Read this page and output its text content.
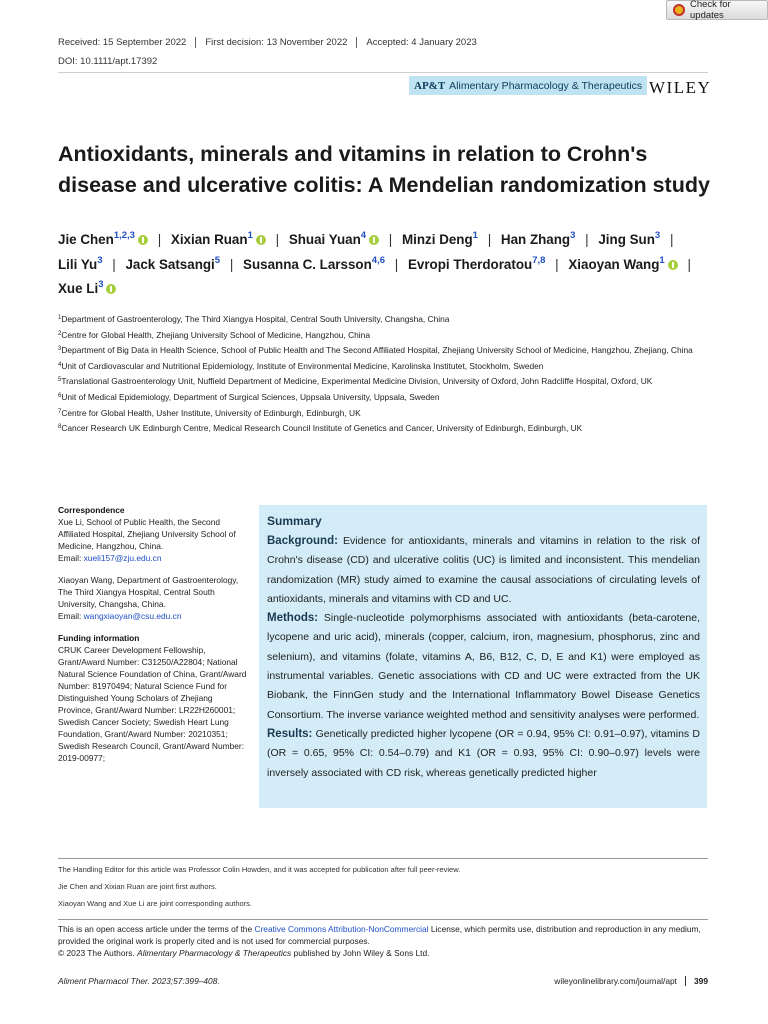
Check for updates
Received: 15 September 2022	First decision: 13 November 2022	Accepted: 4 January 2023
DOI: 10.1111/apt.17392
AP&T Alimentary Pharmacology & Therapeutics WILEY
Antioxidants, minerals and vitamins in relation to Crohn's
disease and ulcerative colitis: A Mendelian randomization study
Jie Chen$^{1,2,3}$ | Xixian Ruan$^1$ | Shuai Yuan$^4$ | Minzi Deng$^1$ | Han Zhang$^3$ | Jing Sun$^3$ | Lili Yu$^3$ | Jack Satsangi$^5$ | Susanna C. Larsson$^{4,6}$ | Evropi Therdoratou$^{7,8}$ | Xiaoyan Wang$^1$ | Xue Li$^3$

$^1$Department of Gastroenterology, The Third Xiangya Hospital, Central South University, Changsha, China

$^2$Centre for Global Health, Zhejiang University School of Medicine, Hangzhou, China

$^3$Department of Big Data in Health Science, School of Public Health and The Second Affiliated Hospital, Zhejiang University School of Medicine, Hangzhou, Zhejiang, China

$^4$Unit of Cardiovascular and Nutritional Epidemiology, Institute of Environmental Medicine, Karolinska Institutet, Stockholm, Sweden

$^5$Translational Gastroenterology Unit, Nuffield Department of Medicine, Experimental Medicine Division, University of Oxford, John Radcliffe Hospital, Oxford, UK

$^6$Unit of Medical Epidemiology, Department of Surgical Sciences, Uppsala University, Uppsala, Sweden

$^7$Centre for Global Health, Usher Institute, University of Edinburgh, Edinburgh, UK

$^8$Cancer Research UK Edinburgh Centre, Medical Research Council Institute of Genetics and Cancer, University of Edinburgh, Edinburgh, UK

Correspondence

Xue Li, School of Public Health, the Second Affiliated Hospital, Zhejiang University School of Medicine, Hangzhou, China.
Email: xueli157@zju.edu.cn

Xiaoyan Wang, Department of Gastroenterology, The Third Xiangya Hospital, Central South University, Changsha, China.
Email: wangxiaoyan@csu.edu.cn

Funding information

CRUK Career Development Fellowship, Grant/Award Number: C31250/A22804; National Natural Science Foundation of China, Grant/Award Number: 81970494; Natural Science Fund for Distinguished Young Scholars of Zhejiang Province, Grant/Award Number: LR22H260001; Swedish Cancer Society; Swedish Heart Lung Foundation, Grant/Award Number: 20210351; Swedish Research Council, Grant/Award Number: 2019-00977;

Summary

Background: Evidence for antioxidants, minerals and vitamins in relation to the risk of Crohn's disease (CD) and ulcerative colitis (UC) is limited and inconsistent. This mendelian randomization (MR) study aimed to examine the causal associations of circulating levels of antioxidants, minerals and vitamins with CD and UC.

Methods: Single-nucleotide polymorphisms associated with antioxidants (beta-carotene, lycopene and uric acid), minerals (copper, calcium, iron, magnesium, phosphorus, zinc and selenium), and vitamins (folate, vitamins A, B6, B12, C, D, E and K1) were employed as instrumental variables. Genetic associations with CD and UC were extracted from the UK Biobank, the FinnGen study and the International Inflammatory Bowel Disease Genetics Consortium. The inverse variance weighted method and sensitivity analyses were performed.

Results: Genetically predicted higher lycopene (OR = 0.94, 95% CI: 0.91–0.97), vitamins D (OR = 0.65, 95% CI: 0.54–0.79) and K1 (OR = 0.93, 95% CI: 0.90–0.97) levels were inversely associated with CD risk, whereas genetically predicted higher

The Handling Editor for this article was Professor Colin Howden, and it was accepted for publication after full peer-review.

Jie Chen and Xixian Ruan are joint first authors.

Xiaoyan Wang and Xue Li are joint corresponding authors.

This is an open access article under the terms of the Creative Commons Attribution-NonCommercial License, which permits use, distribution and reproduction in any medium, provided the original work is properly cited and is not used for commercial purposes.
© 2023 The Authors. Alimentary Pharmacology & Therapeutics published by John Wiley & Sons Ltd.
Aliment Pharmacol Ther. 2023;57:399–408.	wileyonlinelibrary.com/journal/apt	399
